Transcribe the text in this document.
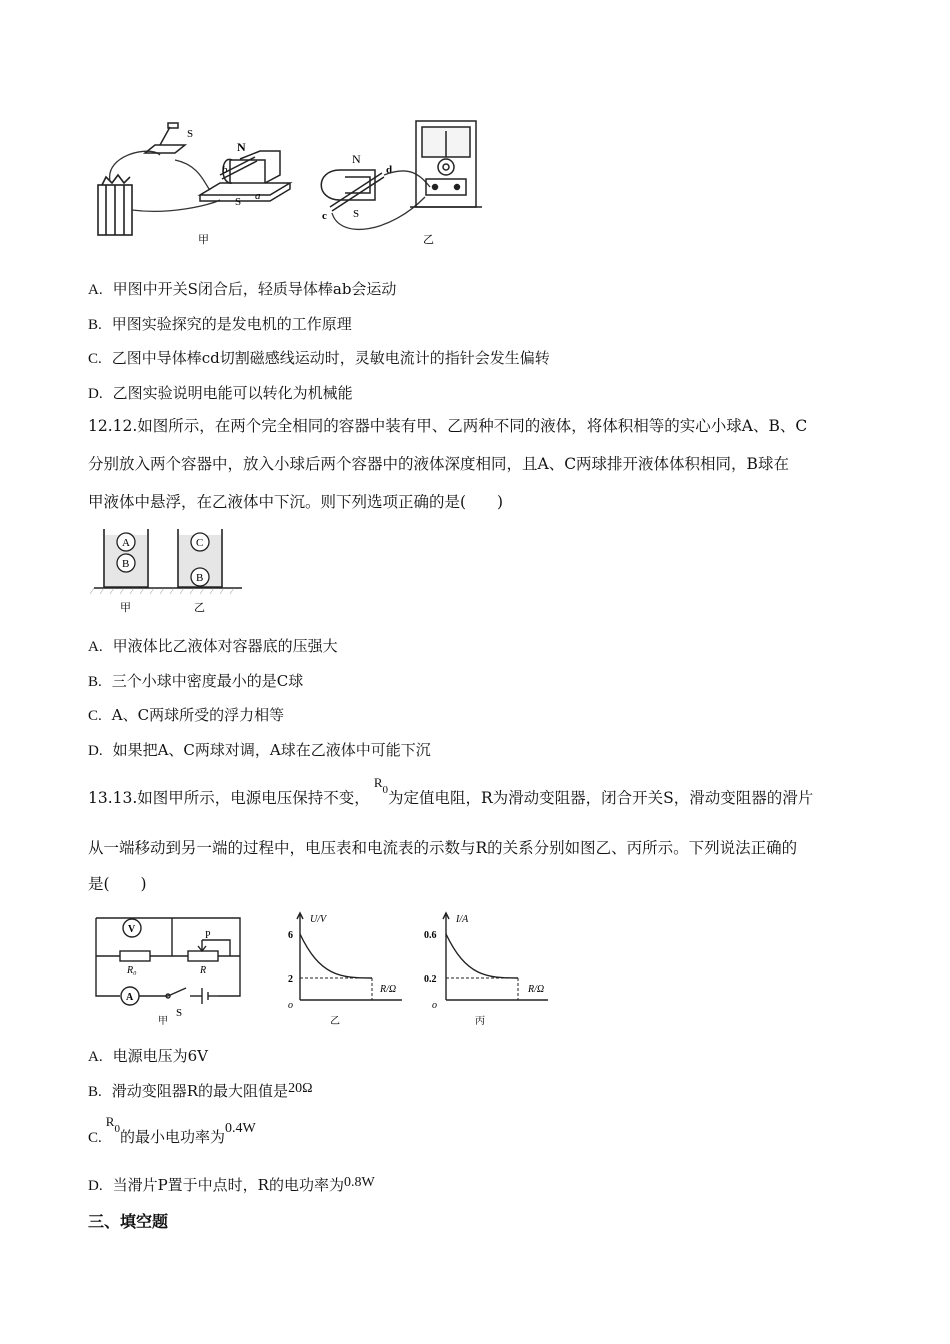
S
N
S a
b
甲
N
d
c S
乙
A. 甲图中开关S闭合后，轻质导体棒ab会运动
B. 甲图实验探究的是发电机的工作原理
C. 乙图中导体棒cd切割磁感线运动时，灵敏电流计的指针会发生偏转
D. 乙图实验说明电能可以转化为机械能
12.12.如图所示，在两个完全相同的容器中装有甲、乙两种不同的液体，将体积相等的实心小球A、B、C
分别放入两个容器中，放入小球后两个容器中的液体深度相同，且A、C两球排开液体体积相同，B球在
甲液体中悬浮，在乙液体中下沉。则下列选项正确的是(　　)
A
B
C
B
甲	乙
A. 甲液体比乙液体对容器底的压强大
B. 三个小球中密度最小的是C球
C. A、C两球所受的浮力相等
D. 如果把A、C两球对调，A球在乙液体中可能下沉
13.13.如图甲所示，电源电压保持不变，$^{R0}$为定值电阻，R为滑动变阻器，闭合开关S，滑动变阻器的滑片
从一端移动到另一端的过程中，电压表和电流表的示数与R的关系分别如图乙、丙所示。下列说法正确的
是(　　)
V
A
R₀	R
P
S
甲
U/V
6
2
o
R/Ω
乙
I/A
0.6
0.2
o
R/Ω
丙
A. 电源电压为6V
B. 滑动变阻器R的最大阻值是20Ω
$C.R^0$的最小电功率为0.4W
D. 当滑片P置于中点时，R的电功率为0.8W
三、填空题
